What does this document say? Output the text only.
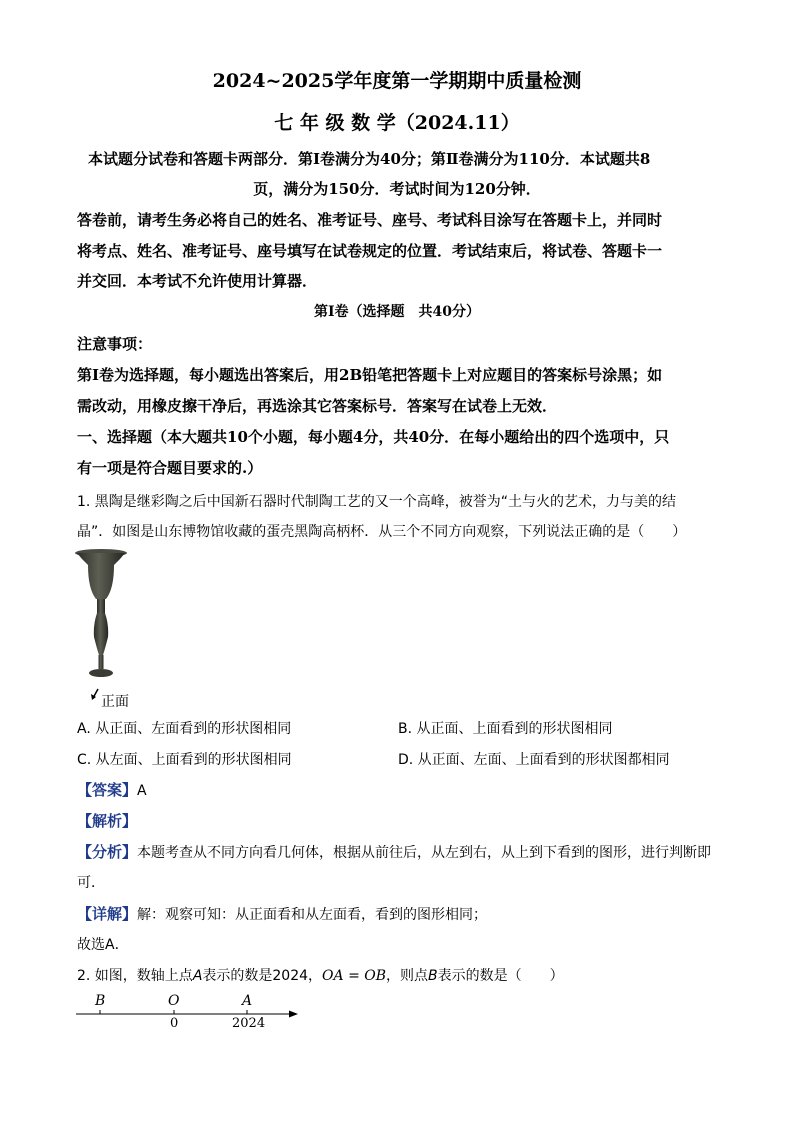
2024~2025学年度第一学期期中质量检测
七 年 级 数 学（2024.11）
本试题分试卷和答题卡两部分．第Ⅰ卷满分为40分；第Ⅱ卷满分为110分．本试题共8
页，满分为150分．考试时间为120分钟．
答卷前，请考生务必将自己的姓名、准考证号、座号、考试科目涂写在答题卡上，并同时
将考点、姓名、准考证号、座号填写在试卷规定的位置．考试结束后，将试卷、答题卡一
并交回．本考试不允许使用计算器．
第Ⅰ卷（选择题　共40分）
注意事项：
第Ⅰ卷为选择题，每小题选出答案后，用2B铅笔把答题卡上对应题目的答案标号涂黑；如
需改动，用橡皮擦干净后，再选涂其它答案标号．答案写在试卷上无效．
一、选择题（本大题共10个小题，每小题4分，共40分．在每小题给出的四个选项中，只
有一项是符合题目要求的.）
1. 黑陶是继彩陶之后中国新石器时代制陶工艺的又一个高峰，被誉为“土与火的艺术，力与美的结
晶”．如图是山东博物馆收藏的蛋壳黑陶高柄杯．从三个不同方向观察，下列说法正确的是（　　）
正面
A. 从正面、左面看到的形状图相同	B. 从正面、上面看到的形状图相同
C. 从左面、上面看到的形状图相同	D. 从正面、左面、上面看到的形状图都相同
【答案】A
【解析】
【分析】本题考查从不同方向看几何体，根据从前往后，从左到右，从上到下看到的图形，进行判断即
可．
【详解】解：观察可知：从正面看和从左面看，看到的图形相同；
故选A．
2. 如图，数轴上点A表示的数是2024，OA = OB，则点B表示的数是（　　）
B	O	A
0	2024
